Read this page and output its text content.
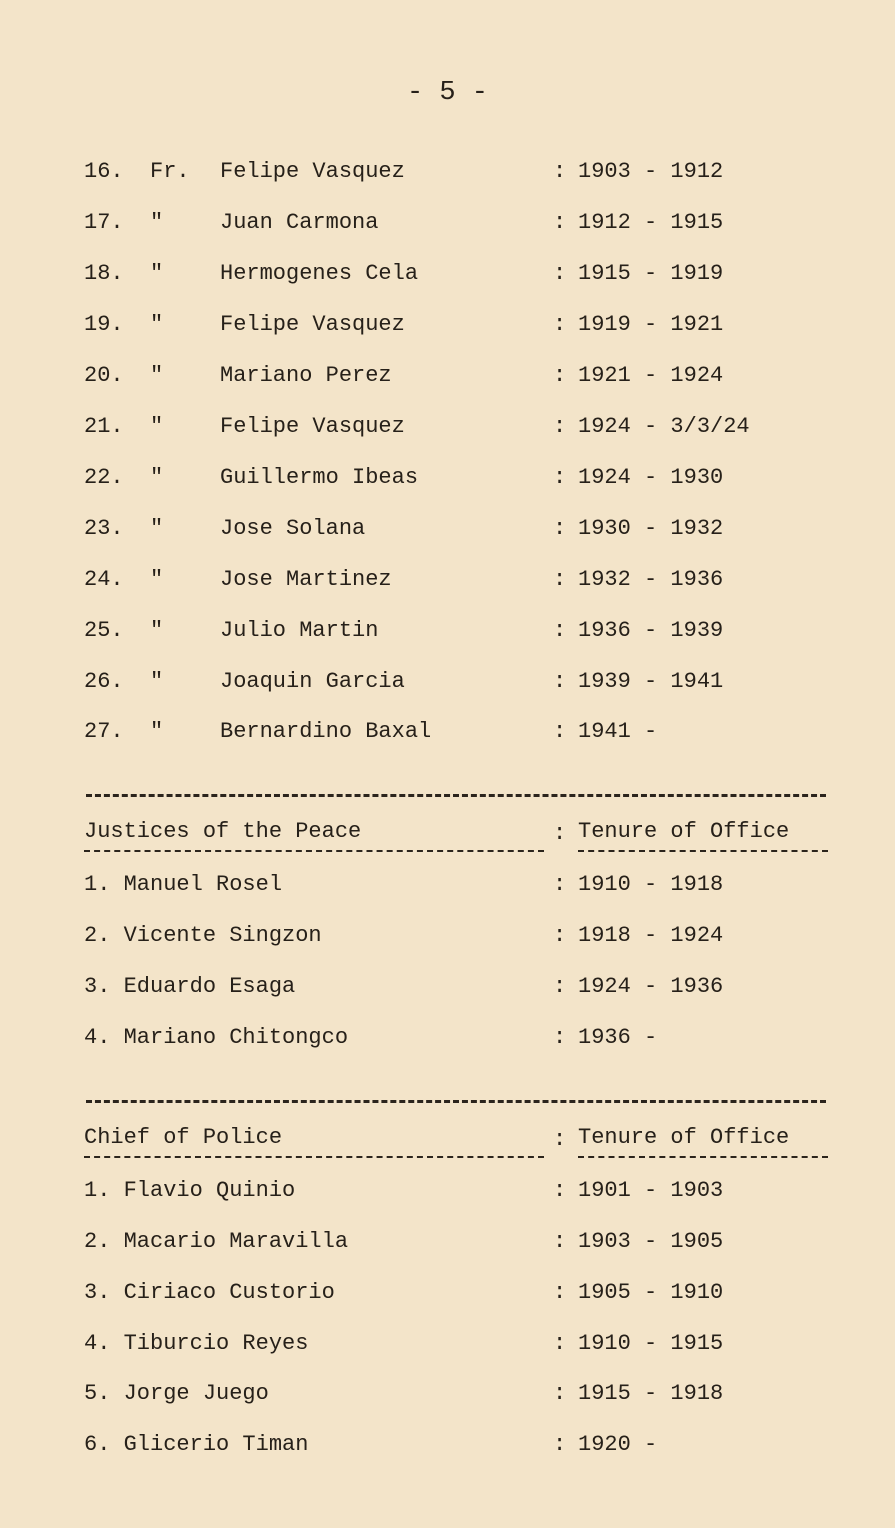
- 5 -
16. Fr. Felipe Vasquez	: 1903 - 1912
17. "	Juan Carmona	: 1912 - 1915
18. "	Hermogenes Cela	: 1915 - 1919
19. "	Felipe Vasquez	: 1919 - 1921
20. "	Mariano Perez	: 1921 - 1924
21. "	Felipe Vasquez	: 1924 - 3/3/24
22. "	Guillermo Ibeas	: 1924 - 1930
23. "	Jose Solana	: 1930 - 1932
24. "	Jose Martinez	: 1932 - 1936
25. "	Julio Martin	: 1936 - 1939
26. "	Joaquin Garcia	: 1939 - 1941
27. "	Bernardino Baxal	: 1941 -
Justices of the Peace	: Tenure of Office
1. Manuel Rosel	: 1910 - 1918
2. Vicente Singzon	: 1918 - 1924
3. Eduardo Esaga	: 1924 - 1936
4. Mariano Chitongco	: 1936 -
Chief of Police	: Tenure of Office
1. Flavio Quinio	: 1901 - 1903
2. Macario Maravilla	: 1903 - 1905
3. Ciriaco Custorio	: 1905 - 1910
4. Tiburcio Reyes	: 1910 - 1915
5. Jorge Juego	: 1915 - 1918
6. Glicerio Timan	: 1920 -
